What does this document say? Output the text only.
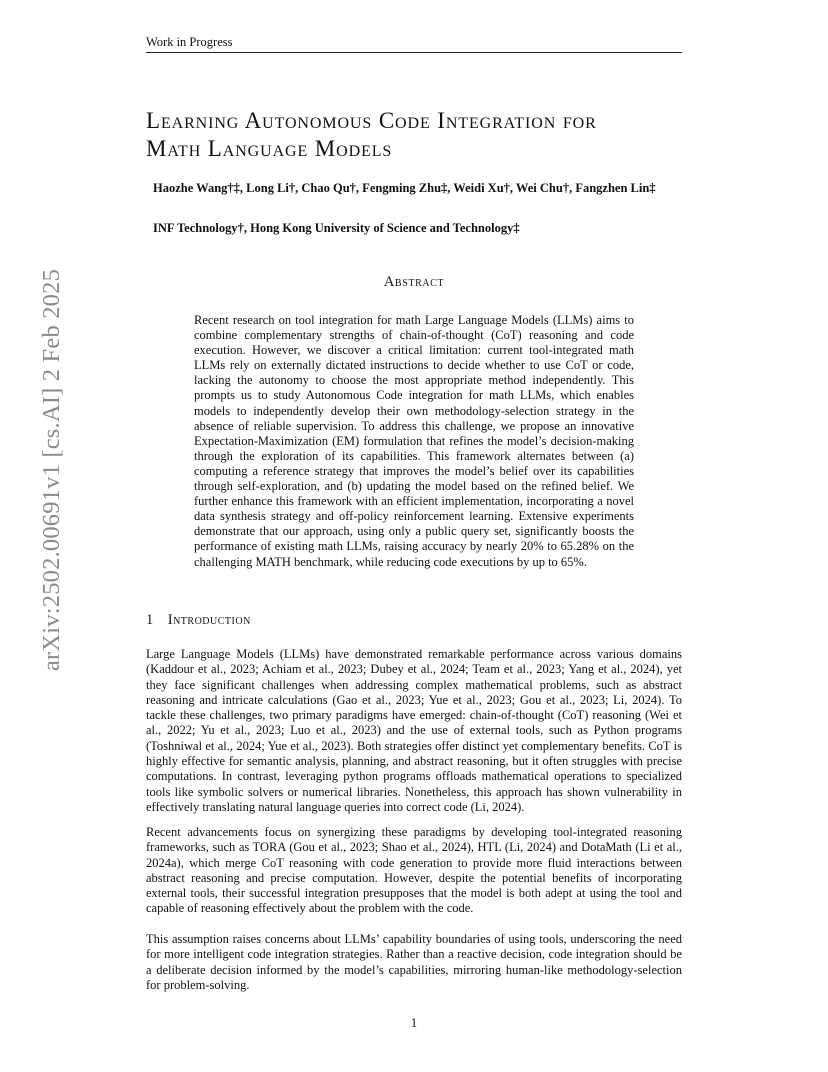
Work in Progress
arXiv:2502.00691v1 [cs.AI] 2 Feb 2025
Learning Autonomous Code Integration for
Math Language Models
Haozhe Wang†‡, Long Li†, Chao Qu†, Fengming Zhu‡, Weidi Xu†, Wei Chu†, Fangzhen Lin‡
INF Technology†, Hong Kong University of Science and Technology‡
Abstract

Recent research on tool integration for math Large Language Models (LLMs) aims to combine complementary strengths of chain-of-thought (CoT) reasoning and code execution. However, we discover a critical limitation: current tool-integrated math LLMs rely on externally dictated instructions to decide whether to use CoT or code, lacking the autonomy to choose the most appropriate method independently. This prompts us to study Autonomous Code integration for math LLMs, which enables models to independently develop their own methodology-selection strategy in the absence of reliable supervision. To address this challenge, we propose an innovative Expectation-Maximization (EM) formulation that refines the model’s decision-making through the exploration of its capabilities. This framework alternates between (a) computing a reference strategy that improves the model’s belief over its capabilities through self-exploration, and (b) updating the model based on the refined belief. We further enhance this framework with an efficient implementation, incorporating a novel data synthesis strategy and off-policy reinforcement learning. Extensive experiments demonstrate that our approach, using only a public query set, significantly boosts the performance of existing math LLMs, raising accuracy by nearly 20% to 65.28% on the challenging MATH benchmark, while reducing code executions by up to 65%.

1 Introduction

Large Language Models (LLMs) have demonstrated remarkable performance across various domains (Kaddour et al., 2023; Achiam et al., 2023; Dubey et al., 2024; Team et al., 2023; Yang et al., 2024), yet they face significant challenges when addressing complex mathematical problems, such as abstract reasoning and intricate calculations (Gao et al., 2023; Yue et al., 2023; Gou et al., 2023; Li, 2024). To tackle these challenges, two primary paradigms have emerged: chain-of-thought (CoT) reasoning (Wei et al., 2022; Yu et al., 2023; Luo et al., 2023) and the use of external tools, such as Python programs (Toshniwal et al., 2024; Yue et al., 2023). Both strategies offer distinct yet complementary benefits. CoT is highly effective for semantic analysis, planning, and abstract reasoning, but it often struggles with precise computations. In contrast, leveraging python programs offloads mathematical operations to specialized tools like symbolic solvers or numerical libraries. Nonetheless, this approach has shown vulnerability in effectively translating natural language queries into correct code (Li, 2024).

Recent advancements focus on synergizing these paradigms by developing tool-integrated reasoning frameworks, such as TORA (Gou et al., 2023; Shao et al., 2024), HTL (Li, 2024) and DotaMath (Li et al., 2024a), which merge CoT reasoning with code generation to provide more fluid interactions between abstract reasoning and precise computation. However, despite the potential benefits of incorporating external tools, their successful integration presupposes that the model is both adept at using the tool and capable of reasoning effectively about the problem with the code.

This assumption raises concerns about LLMs’ capability boundaries of using tools, underscoring the need for more intelligent code integration strategies. Rather than a reactive decision, code integration should be a deliberate decision informed by the model’s capabilities, mirroring human-like methodology-selection for problem-solving.

1
